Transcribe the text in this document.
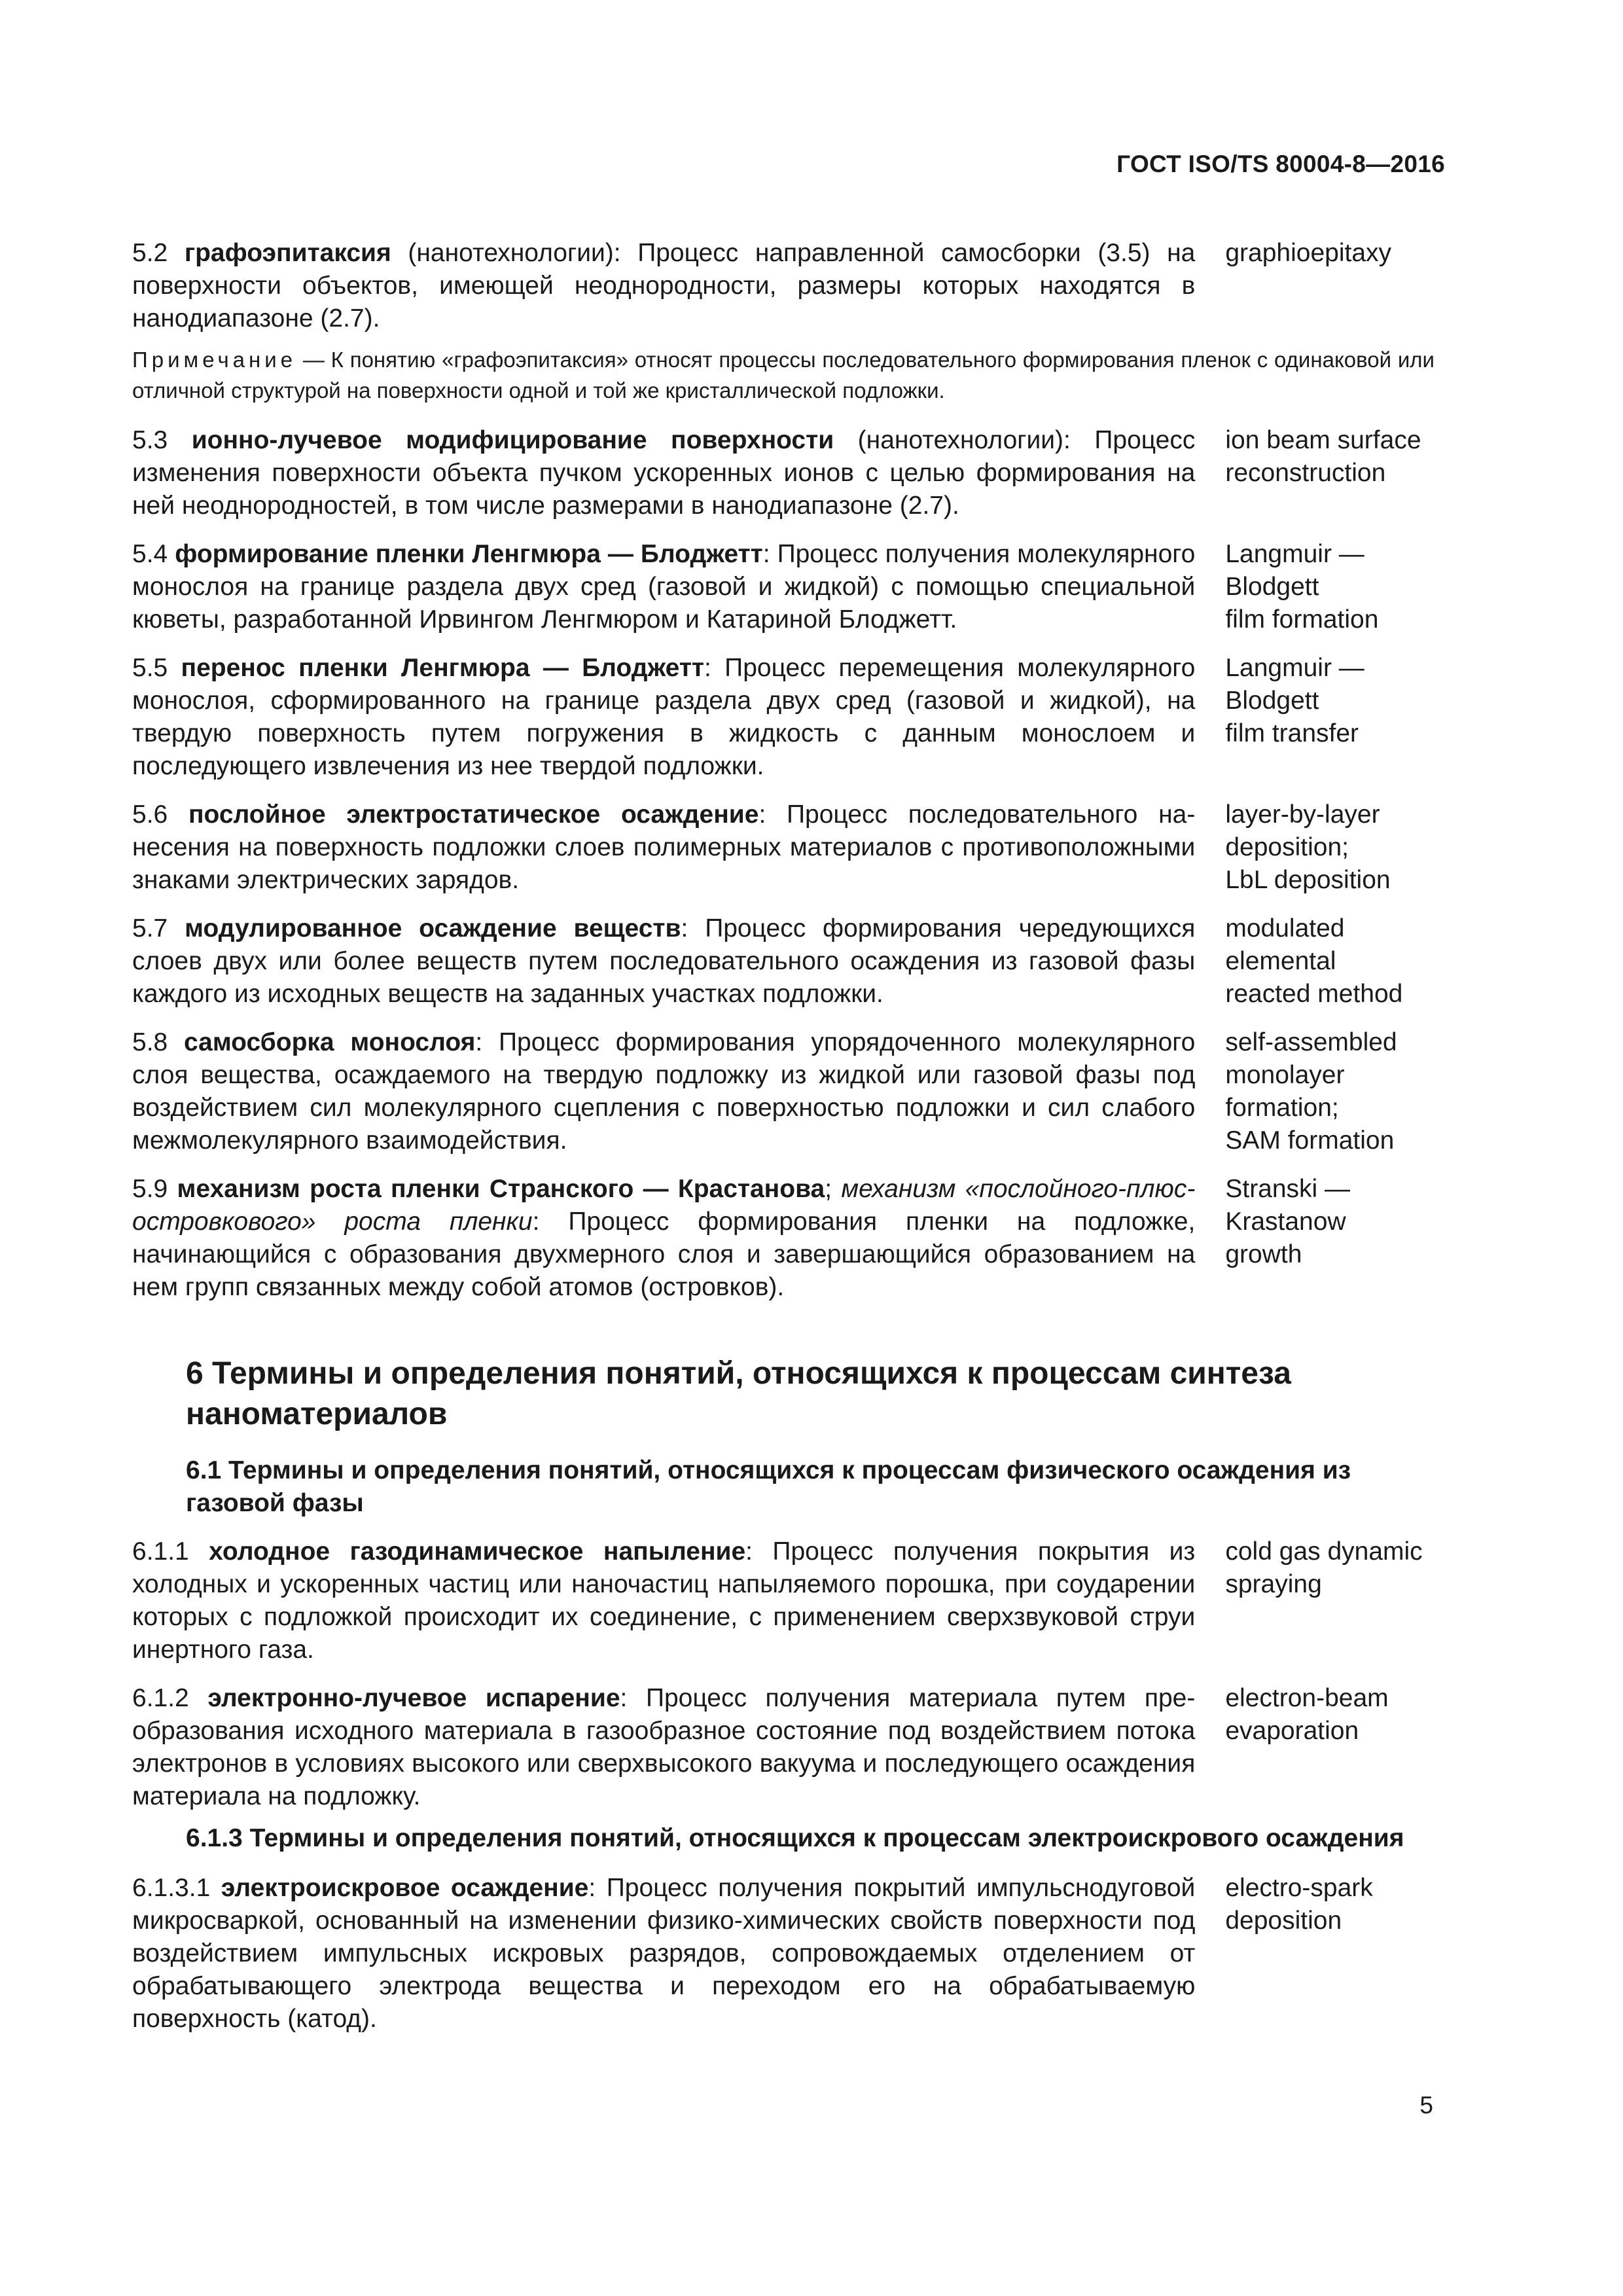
ГОСТ ISO/TS 80004-8—2016
5.2 графоэпитаксия (нанотехнологии): Процесс направленной самосборки (3.5) на поверхности объектов, имеющей неоднородности, размеры которых находятся в нанодиапазоне (2.7).
graphioepitaxy
Примечание — К понятию «графоэпитаксия» относят процессы последовательного формирования пленок с одинаковой или отличной структурой на поверхности одной и той же кристаллической подложки.
5.3 ионно-лучевое модифицирование поверхности (нанотехнологии): Процесс изменения поверхности объекта пучком ускоренных ионов с целью формирования на ней неоднородностей, в том числе размерами в нанодиапазоне (2.7).
ion beam surface
reconstruction
5.4 формирование пленки Ленгмюра — Блоджетт: Процесс получения молекулярного монослоя на границе раздела двух сред (газовой и жидкой) с помощью специальной кюветы, разработанной Ирвингом Ленгмюром и Катариной Блоджетт.
Langmuir —
Blodgett
film formation
5.5 перенос пленки Ленгмюра — Блоджетт: Процесс перемещения молекулярного монослоя, сформированного на границе раздела двух сред (газовой и жидкой), на твердую поверхность путем погружения в жидкость с данным монослоем и последующего извлечения из нее твердой подложки.
Langmuir —
Blodgett
film transfer
5.6 послойное электростатическое осаждение: Процесс последовательного нанесения на поверхность подложки слоев полимерных материалов с противоположными знаками электрических зарядов.
layer-by-layer
deposition;
LbL deposition
5.7 модулированное осаждение веществ: Процесс формирования чередующихся слоев двух или более веществ путем последовательного осаждения из газовой фазы каждого из исходных веществ на заданных участках подложки.
modulated
elemental
reacted method
5.8 самосборка монослоя: Процесс формирования упорядоченного молекулярного слоя вещества, осаждаемого на твердую подложку из жидкой или газовой фазы под воздействием сил молекулярного сцепления с поверхностью подложки и сил слабого межмолекулярного взаимодействия.
self-assembled
monolayer
formation;
SAM formation
5.9 механизм роста пленки Странского — Крастанова; механизм «послойного-плюс-островкового» роста пленки: Процесс формирования пленки на подложке, начинающийся с образования двухмерного слоя и завершающийся образованием на нем групп связанных между собой атомов (островков).
Stranski —
Krastanow
growth
6 Термины и определения понятий, относящихся к процессам синтеза наноматериалов
6.1 Термины и определения понятий, относящихся к процессам физического осаждения из газовой фазы
6.1.1 холодное газодинамическое напыление: Процесс получения покрытия из холодных и ускоренных частиц или наночастиц напыляемого порошка, при соударении которых с подложкой происходит их соединение, с применением сверхзвуковой струи инертного газа.
cold gas dynamic
spraying
6.1.2 электронно-лучевое испарение: Процесс получения материала путем преобразования исходного материала в газообразное состояние под воздействием потока электронов в условиях высокого или сверхвысокого вакуума и последующего осаждения материала на подложку.
electron-beam
evaporation
6.1.3 Термины и определения понятий, относящихся к процессам электроискрового осаждения
6.1.3.1 электроискровое осаждение: Процесс получения покрытий импульснодуговой микросваркой, основанный на изменении физико-химических свойств поверхности под воздействием импульсных искровых разрядов, сопровождаемых отделением от обрабатывающего электрода вещества и переходом его на обрабатываемую поверхность (катод).
electro-spark
deposition
5
